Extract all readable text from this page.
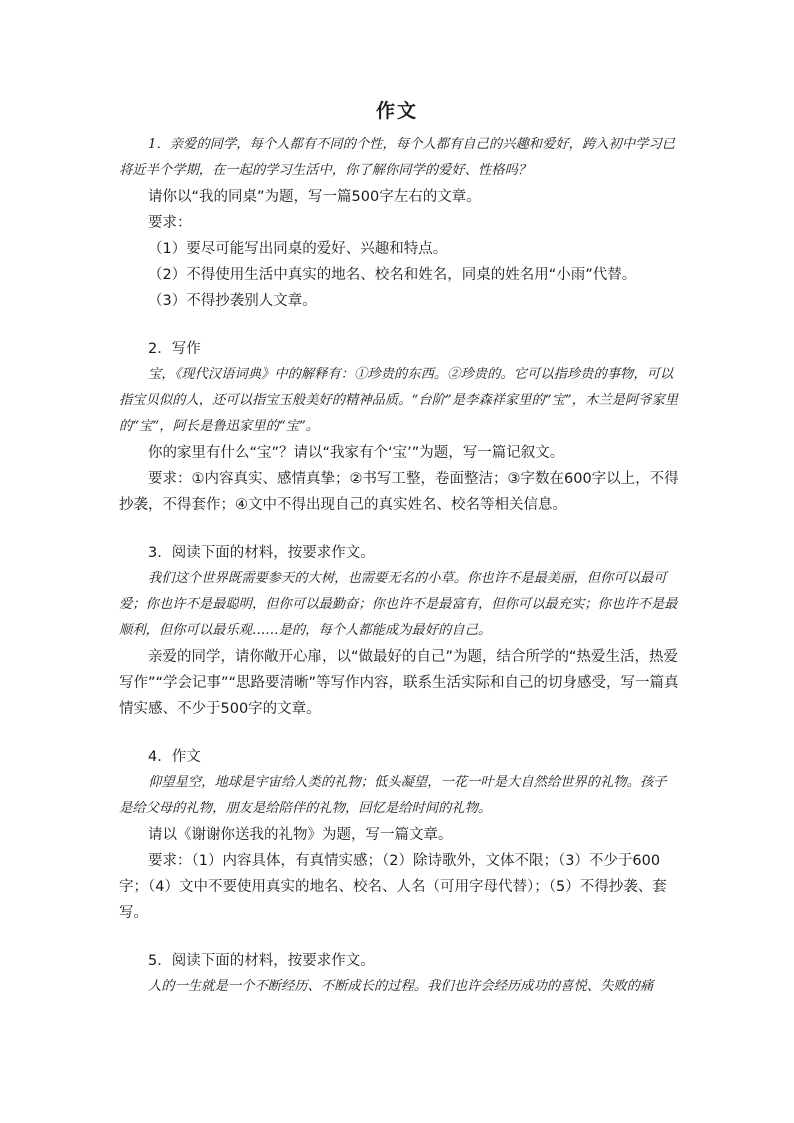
作文

1．亲爱的同学，每个人都有不同的个性，每个人都有自己的兴趣和爱好，跨入初中学习已将近半个学期，在一起的学习生活中，你了解你同学的爱好、性格吗？

请你以“我的同桌”为题，写一篇500字左右的文章。

要求：

（1）要尽可能写出同桌的爱好、兴趣和特点。

（2）不得使用生活中真实的地名、校名和姓名，同桌的姓名用“小雨”代替。

（3）不得抄袭别人文章。

2．写作

宝，《现代汉语词典》中的解释有：①珍贵的东西。②珍贵的。它可以指珍贵的事物，可以指宝贝似的人，还可以指宝玉般美好的精神品质。“台阶”是李森祥家里的“宝”，木兰是阿爷家里的“宝”，阿长是鲁迅家里的“宝”。

你的家里有什么“宝”？请以“我家有个‘宝’”为题，写一篇记叙文。

要求：①内容真实、感情真挚；②书写工整，卷面整洁；③字数在600字以上，不得抄袭，不得套作；④文中不得出现自己的真实姓名、校名等相关信息。

3．阅读下面的材料，按要求作文。

我们这个世界既需要参天的大树，也需要无名的小草。你也许不是最美丽，但你可以最可爱；你也许不是最聪明，但你可以最勤奋；你也许不是最富有，但你可以最充实；你也许不是最顺利，但你可以最乐观……是的，每个人都能成为最好的自己。

亲爱的同学，请你敞开心扉，以“做最好的自己”为题，结合所学的“热爱生活，热爱写作”“学会记事”“思路要清晰”等写作内容，联系生活实际和自己的切身感受，写一篇真情实感、不少于500字的文章。

4．作文

仰望星空，地球是宇宙给人类的礼物；低头凝望，一花一叶是大自然给世界的礼物。孩子是给父母的礼物，朋友是给陪伴的礼物，回忆是给时间的礼物。

请以《谢谢你送我的礼物》为题，写一篇文章。

要求：（1）内容具体，有真情实感；（2）除诗歌外，文体不限；（3）不少于600字；（4）文中不要使用真实的地名、校名、人名（可用字母代替）；（5）不得抄袭、套写。

5．阅读下面的材料，按要求作文。

人的一生就是一个不断经历、不断成长的过程。我们也许会经历成功的喜悦、失败的痛
